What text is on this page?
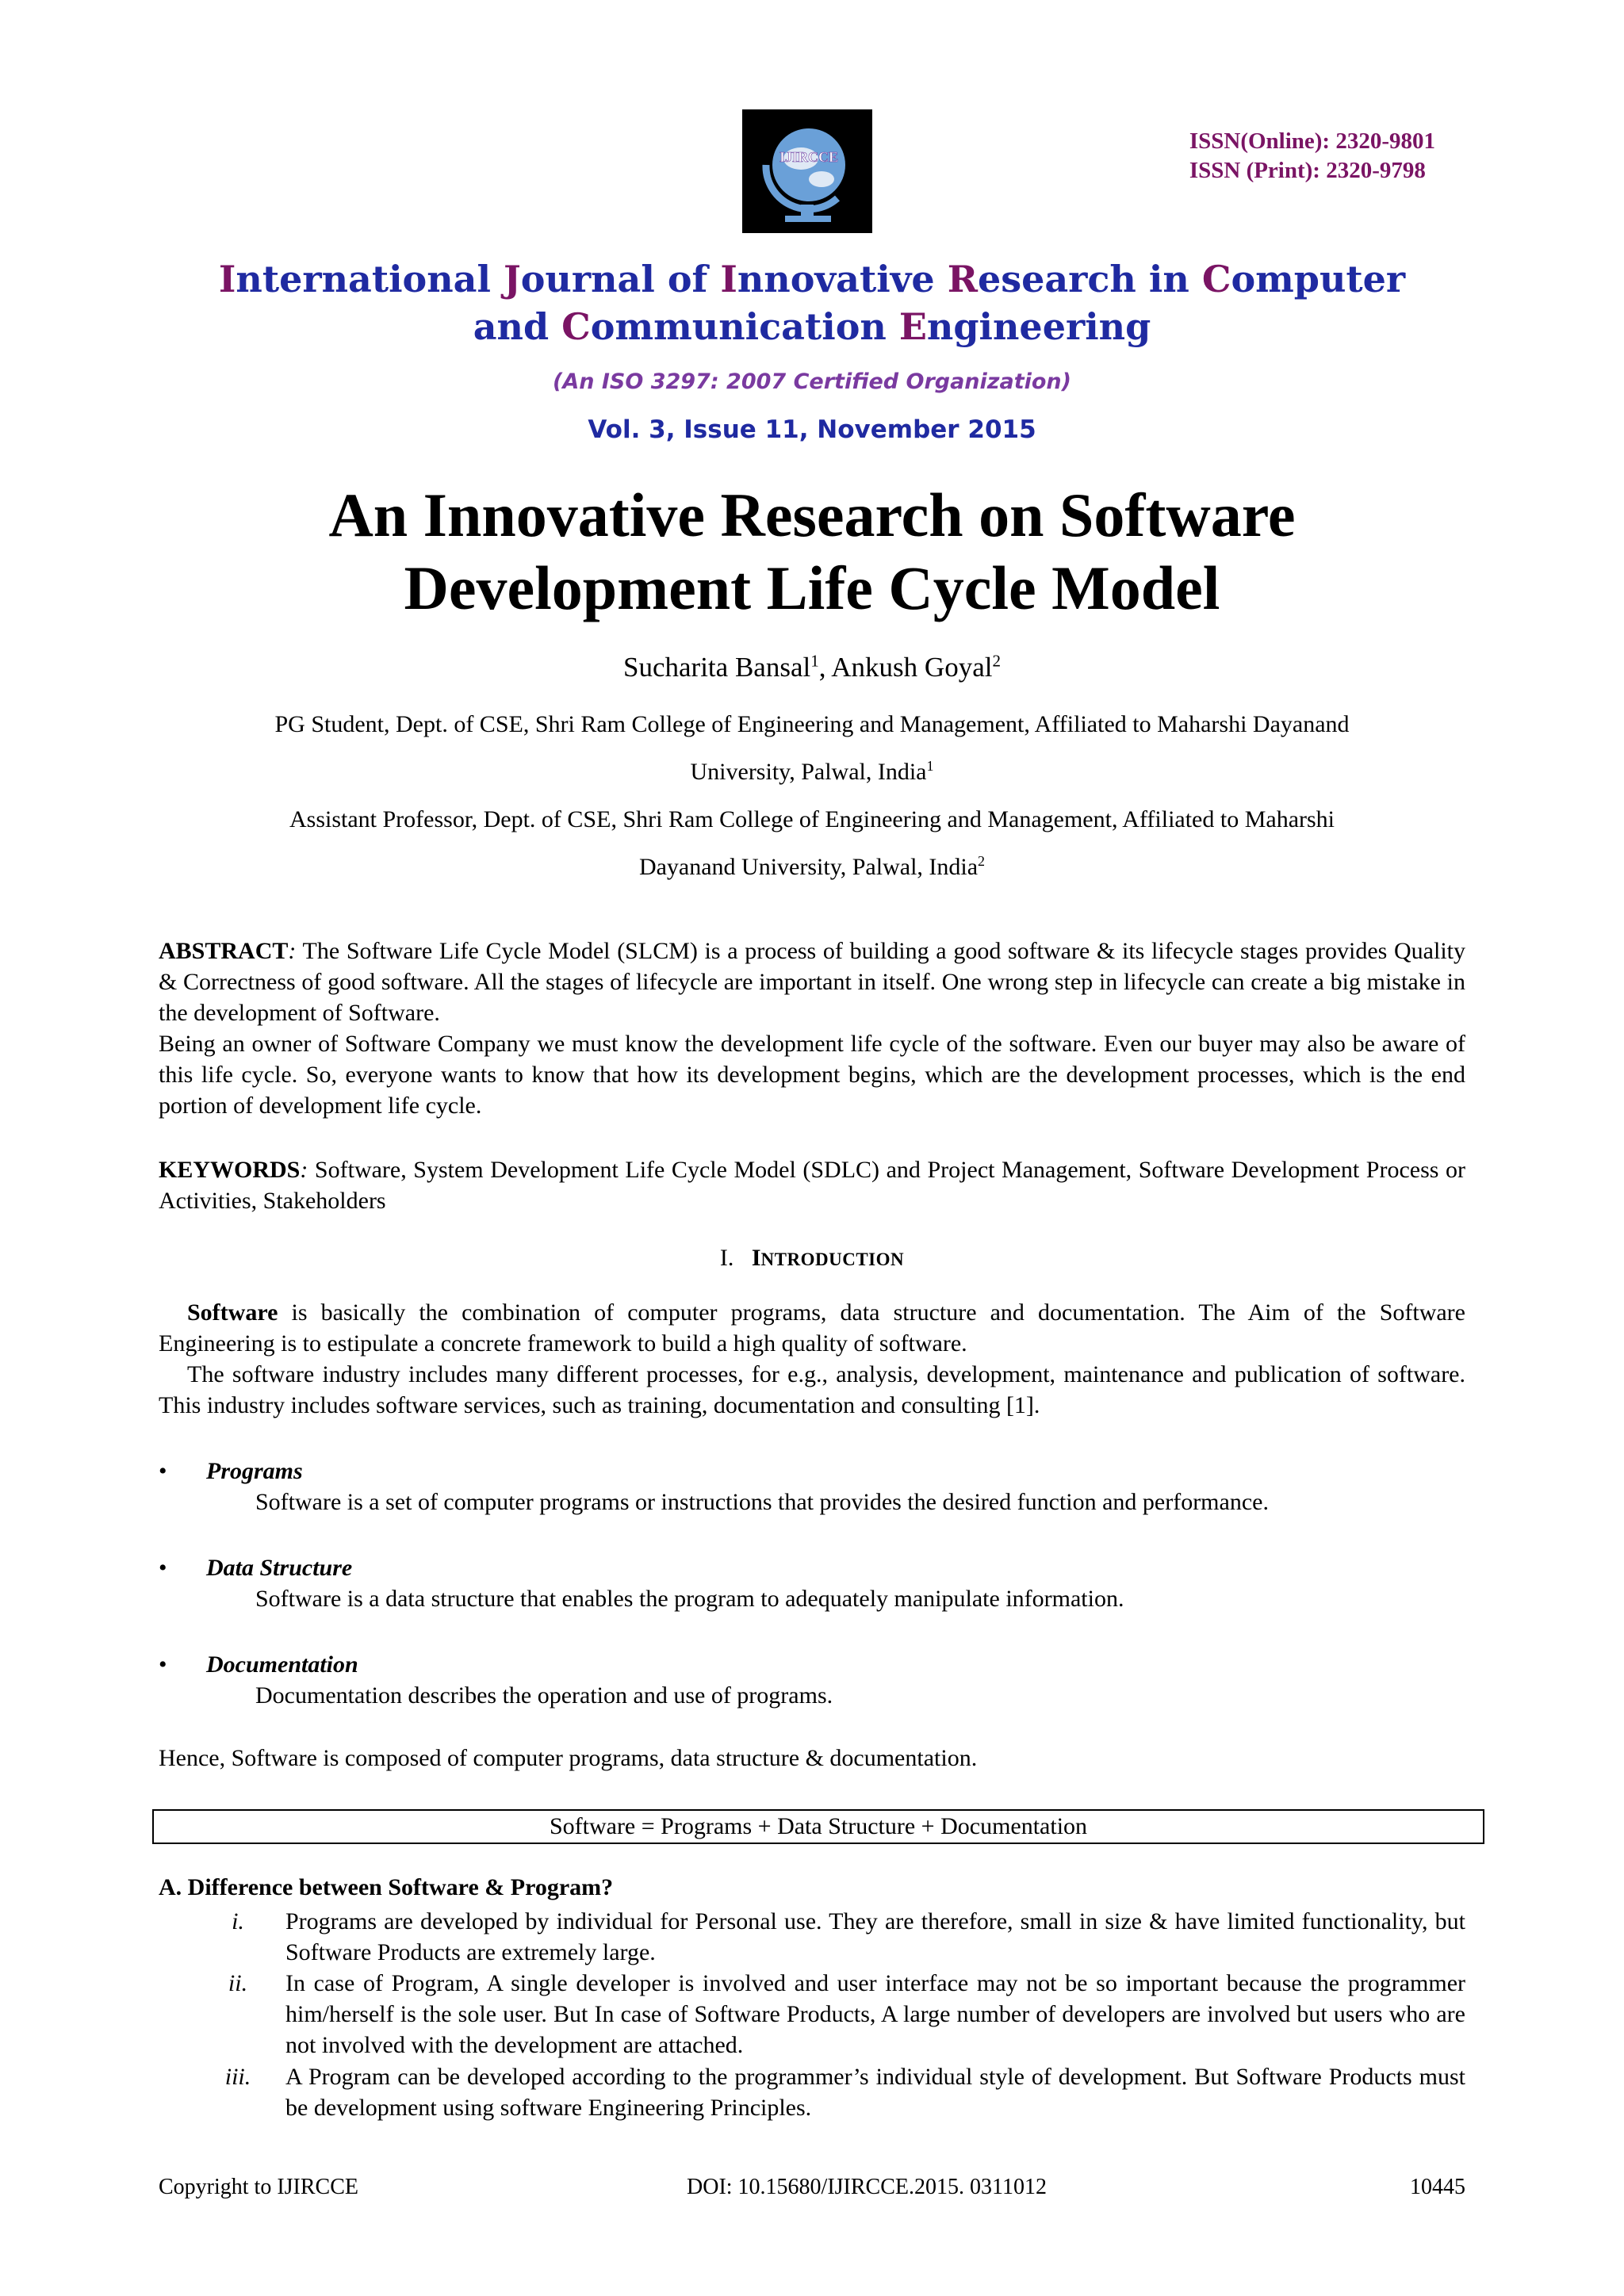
IJIRCCE
ISSN(Online): 2320-9801
ISSN (Print): 2320-9798
International Journal of Innovative Research in Computer
and Communication Engineering
(An ISO 3297: 2007 Certified Organization)
Vol. 3, Issue 11, November 2015
An Innovative Research on Software
Development Life Cycle Model
Sucharita Bansal$^1$, Ankush Goyal$^2$
PG Student, Dept. of CSE, Shri Ram College of Engineering and Management, Affiliated to Maharshi Dayanand
University, Palwal, India$^1$
Assistant Professor, Dept. of CSE, Shri Ram College of Engineering and Management, Affiliated to Maharshi
Dayanand University, Palwal, India$^2$

ABSTRACT: The Software Life Cycle Model (SLCM) is a process of building a good software & its lifecycle stages provides Quality & Correctness of good software. All the stages of lifecycle are important in itself. One wrong step in lifecycle can create a big mistake in the development of Software.

Being an owner of Software Company we must know the development life cycle of the software. Even our buyer may also be aware of this life cycle. So, everyone wants to know that how its development begins, which are the development processes, which is the end portion of development life cycle.

KEYWORDS: Software, System Development Life Cycle Model (SDLC) and Project Management, Software Development Process or Activities, Stakeholders

I. INTRODUCTION

Software is basically the combination of computer programs, data structure and documentation. The Aim of the Software Engineering is to estipulate a concrete framework to build a high quality of software.

The software industry includes many different processes, for e.g., analysis, development, maintenance and publication of software. This industry includes software services, such as training, documentation and consulting [1].

• Programs
Software is a set of computer programs or instructions that provides the desired function and performance.
• Data Structure
Software is a data structure that enables the program to adequately manipulate information.
• Documentation
Documentation describes the operation and use of programs.

Hence, Software is composed of computer programs, data structure & documentation.

Software = Programs + Data Structure + Documentation
A. Difference between Software & Program?
i.	Programs are developed by individual for Personal use. They are therefore, small in size & have limited functionality, but Software Products are extremely large.
ii.	In case of Program, A single developer is involved and user interface may not be so important because the programmer him/herself is the sole user. But In case of Software Products, A large number of developers are involved but users who are not involved with the development are attached.
iii.	A Program can be developed according to the programmer’s individual style of development. But Software Products must be development using software Engineering Principles.
Copyright to IJIRCCE	DOI: 10.15680/IJIRCCE.2015. 0311012	10445
